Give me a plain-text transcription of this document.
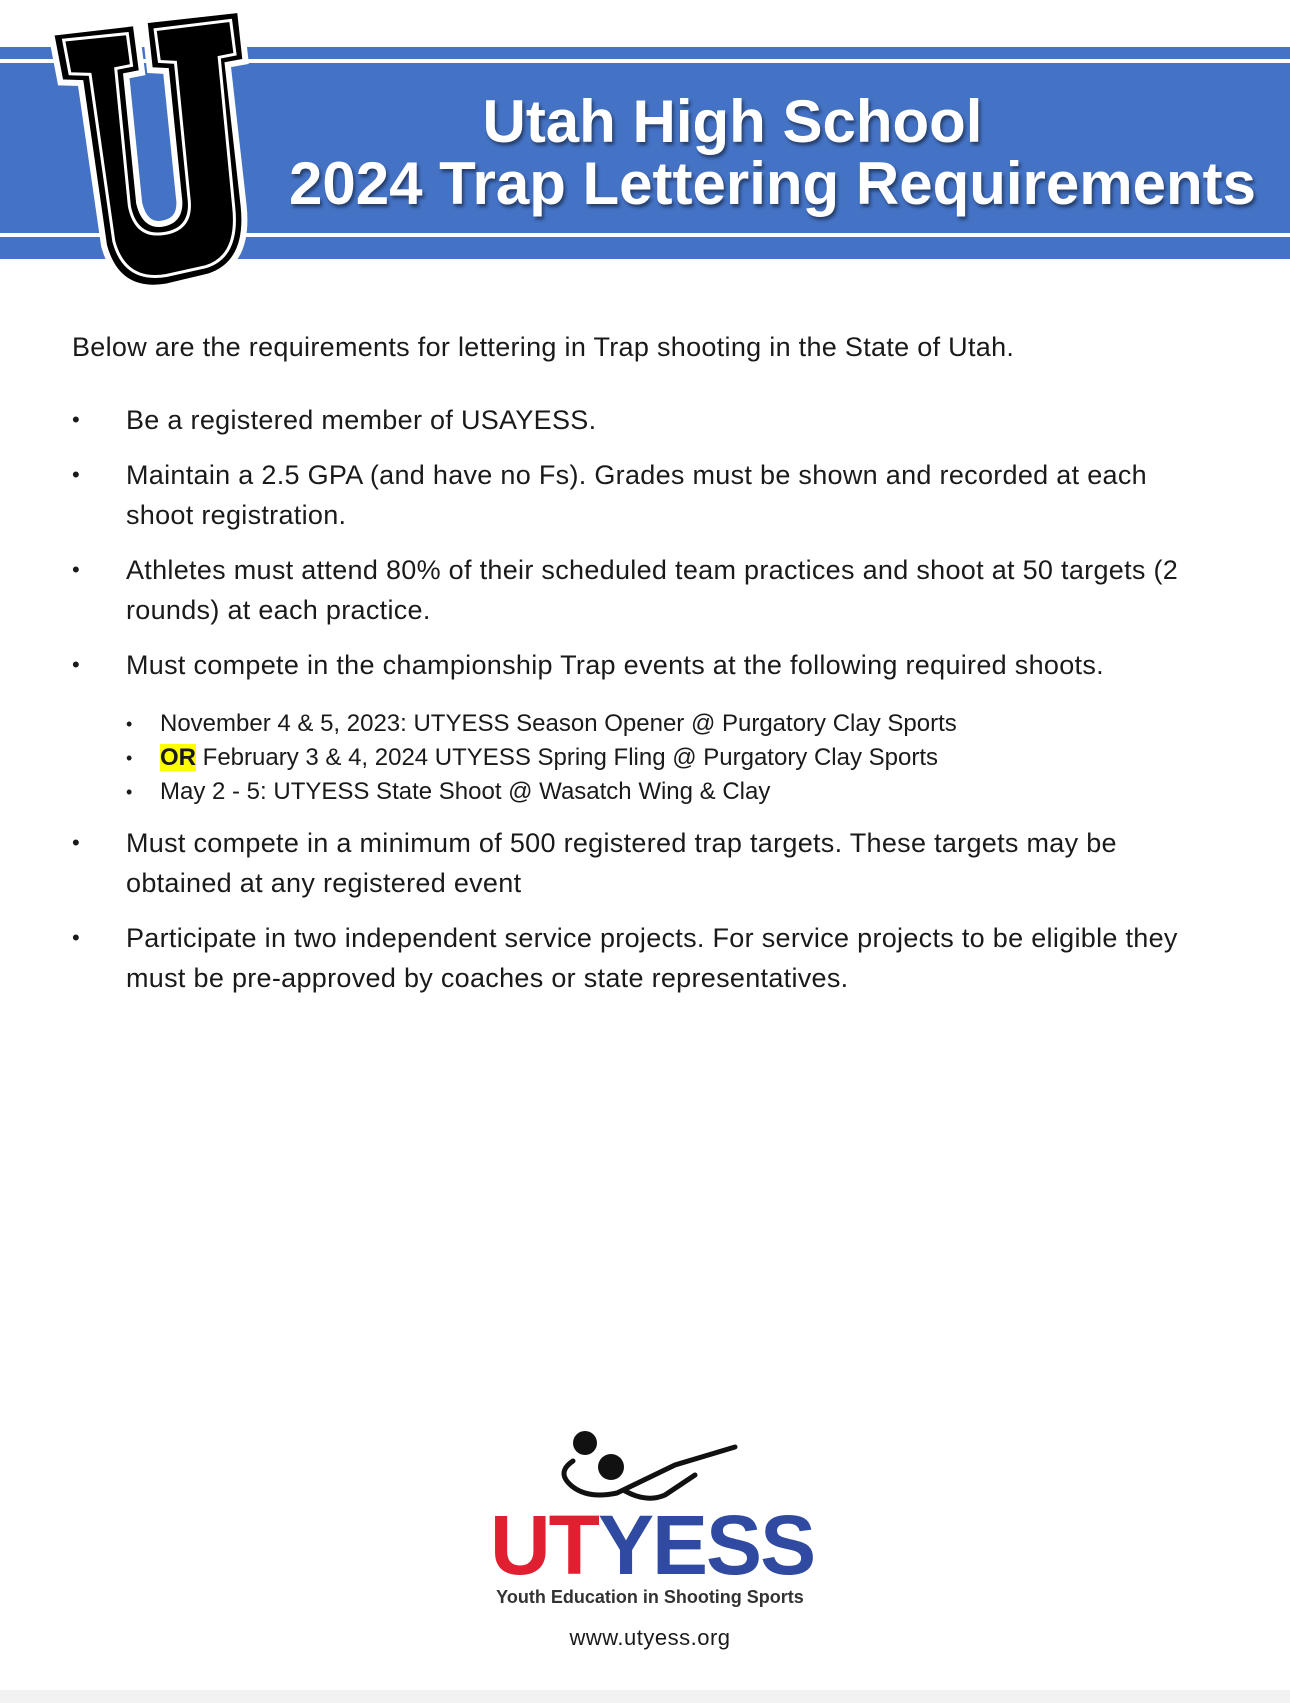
Utah High School
2024 Trap Lettering Requirements
Below are the requirements for lettering in Trap shooting in the State of Utah.
• Be a registered member of USAYESS.
• Maintain a 2.5 GPA (and have no Fs). Grades must be shown and recorded at each shoot registration.
• Athletes must attend 80% of their scheduled team practices and shoot at 50 targets (2 rounds) at each practice.
• Must compete in the championship Trap events at the following required shoots.
• November 4 & 5, 2023: UTYESS Season Opener @ Purgatory Clay Sports
• OR February 3 & 4, 2024 UTYESS Spring Fling @ Purgatory Clay Sports
• May 2 - 5: UTYESS State Shoot @ Wasatch Wing & Clay
• Must compete in a minimum of 500 registered trap targets. These targets may be obtained at any registered event
• Participate in two independent service projects. For service projects to be eligible they must be pre-approved by coaches or state representatives.
UTYESS
Youth Education in Shooting Sports
www.utyess.org
